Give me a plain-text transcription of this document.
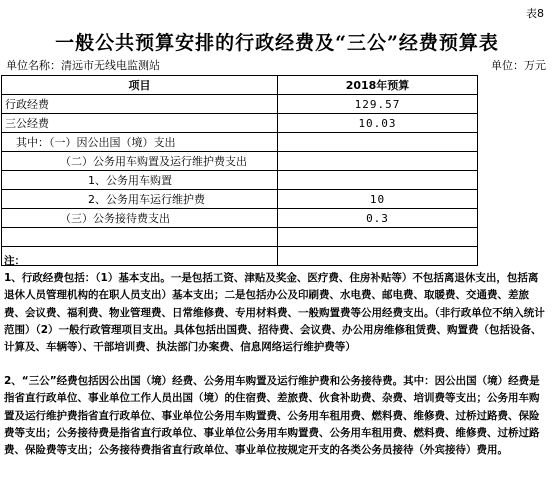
表8
一般公共预算安排的行政经费及“三公”经费预算表
单位名称：清远市无线电监测站	单位：万元
项目	2018年预算
行政经费	129.57
三公经费	10.03
其中：（一）因公出国（境）支出	
（二）公务用车购置及运行维护费支出	
1、公务用车购置	
2、公务用车运行维护费	10
（三）公务接待费支出	0.3

注：

1、行政经费包括：（1）基本支出。一是包括工资、津贴及奖金、医疗费、住房补贴等）不包括离退休支出，包括离退休人员管理机构的在职人员支出）基本支出；二是包括办公及印刷费、水电费、邮电费、取暖费、交通费、差旅费、会议费、福利费、物业管理费、日常维修费、专用材料费、一般购置费等公用经费支出。（非行政单位不纳入统计范围）（2）一般行政管理项目支出。具体包括出国费、招待费、会议费、办公用房维修租赁费、购置费（包括设备、计算及、车辆等）、干部培训费、执法部门办案费、信息网络运行维护费等）

2、“三公”经费包括因公出国（境）经费、公务用车购置及运行维护费和公务接待费。其中：因公出国（境）经费是指省直行政单位、事业单位工作人员出国（境）的住宿费、差旅费、伙食补助费、杂费、培训费等支出；公务用车购置及运行维护费指省直行政单位、事业单位公务用车购置费、公务用车租用费、燃料费、维修费、过桥过路费、保险费等支出；公务接待费是指省直行政单位、事业单位公务用车购置费、公务用车租用费、燃料费、维修费、过桥过路费、保险费等支出；公务接待费指省直行政单位、事业单位按规定开支的各类公务员接待（外宾接待）费用。
